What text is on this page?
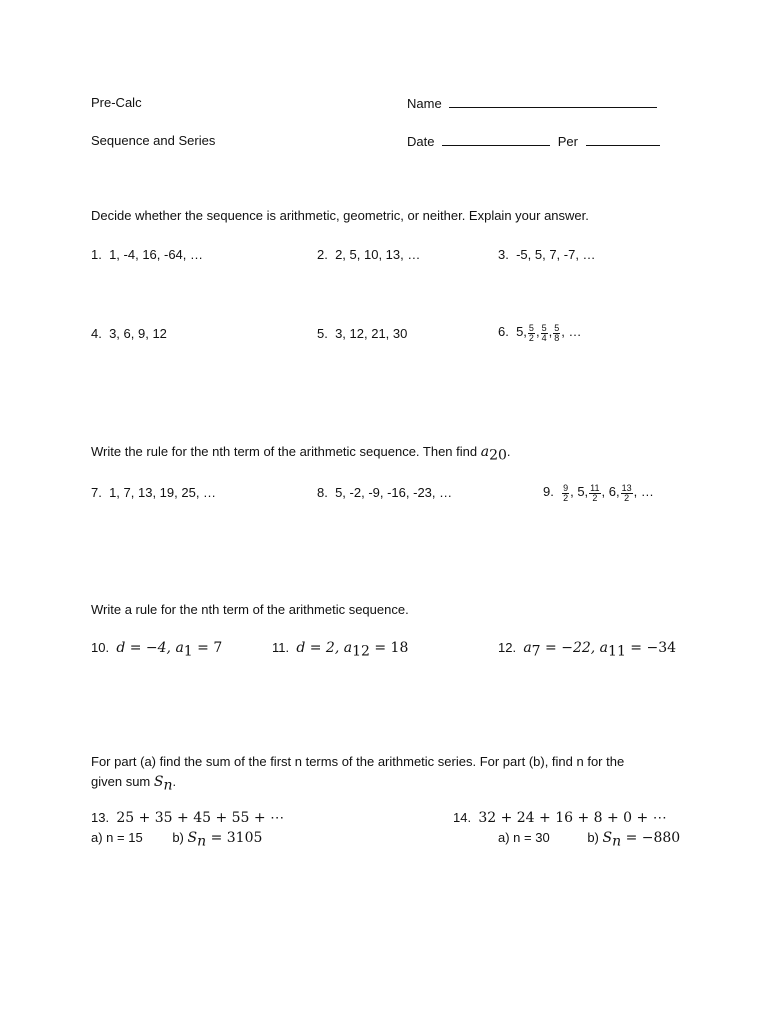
Pre-Calc	Name
Sequence and Series	Date	Per
Decide whether the sequence is arithmetic, geometric, or neither. Explain your answer.
1. 1, -4, 16, -64, …	2. 2, 5, 10, 13, …	3. -5, 5, 7, -7, …
4. 3, 6, 9, 12	5. 3, 12, 21, 30	6. 5, $\frac{5}{2}$ , $\frac{5}{4}$ , $\frac{5}{8}$ , …
Write the rule for the nth term of the arithmetic sequence. Then find $a_{20}$.
7. 1, 7, 13, 19, 25, …	8. 5, -2, -9, -16, -23, …	9. $\frac{9}{2}$ , 5, $\frac{11}{2}$ , 6, $\frac{13}{2}$ , …
Write a rule for the nth term of the arithmetic sequence.
10. d = −4, $a_1 = 7$	11. d = 2, $a_{12} = 18$	12. $a_7 = -22$, $a_{11} = -34$
For part (a) find the sum of the first n terms of the arithmetic series. For part (b), find n for the
given sum $S_n$.
13. 25 + 35 + 45 + 55 + ⋯
a) n = 15 b) $S_n = 3105$
14. 32 + 24 + 16 + 8 + 0 + ⋯
a) n = 30	b) $S_n = -880$
